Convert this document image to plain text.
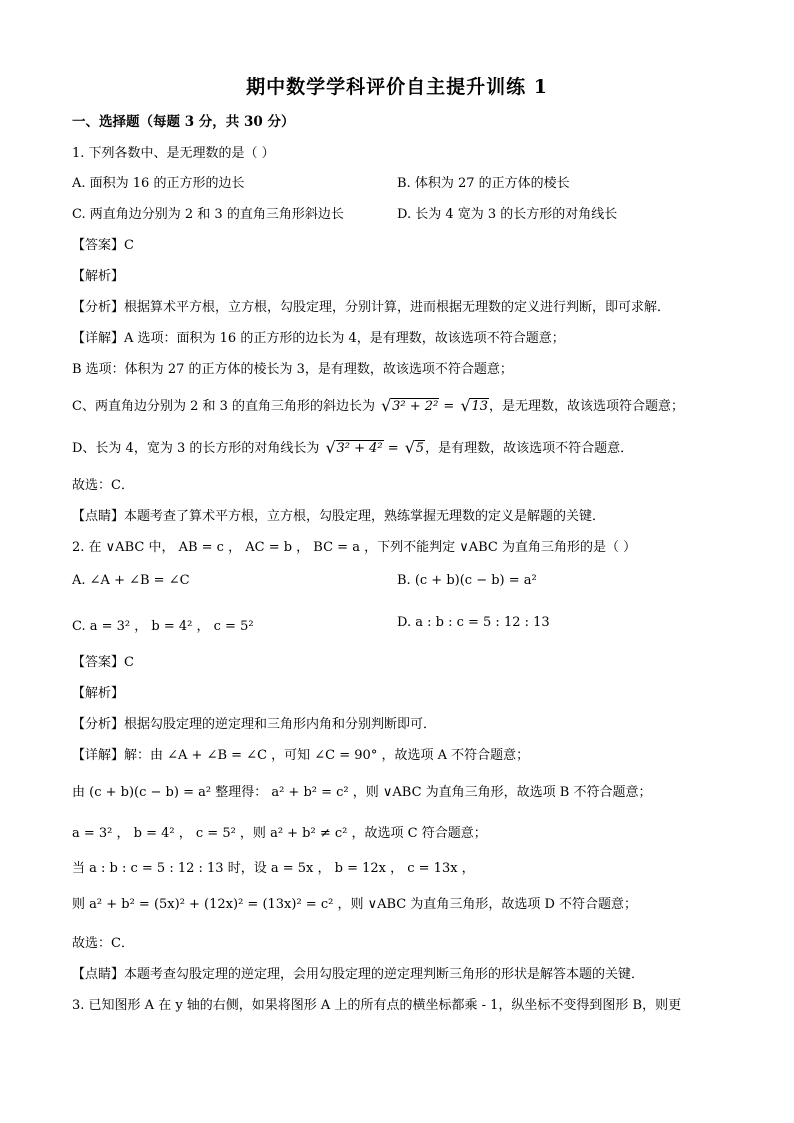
期中数学学科评价自主提升训练 1
一、选择题（每题 3 分，共 30 分）
1. 下列各数中、是无理数的是（ ）
A. 面积为 16 的正方形的边长	B. 体积为 27 的正方体的棱长
C. 两直角边分别为 2 和 3 的直角三角形斜边长	D. 长为 4 宽为 3 的长方形的对角线长
【答案】C
【解析】
【分析】根据算术平方根，立方根，勾股定理，分别计算，进而根据无理数的定义进行判断，即可求解．
【详解】A 选项：面积为 16 的正方形的边长为 4，是有理数，故该选项不符合题意；
B 选项：体积为 27 的正方体的棱长为 3，是有理数，故该选项不符合题意；
C、两直角边分别为 2 和 3 的直角三角形的斜边长为 √ 3² + 2² = √ 13，是无理数，故该选项符合题意；
D、长为 4，宽为 3 的长方形的对角线长为 √ 3² + 4² = √ 5，是有理数，故该选项不符合题意．
故选：C．
【点睛】本题考查了算术平方根，立方根，勾股定理，熟练掌握无理数的定义是解题的关键．
2. 在 ∨ABC 中， AB = c ， AC = b ， BC = a ，下列不能判定 ∨ABC 为直角三角形的是（ ）
A. ∠A + ∠B = ∠C	B. (c + b)(c − b) = a²
C. a = 3² ， b = 4² ， c = 5²	D. a : b : c = 5 : 12 : 13
【答案】C
【解析】
【分析】根据勾股定理的逆定理和三角形内角和分别判断即可．
【详解】解：由 ∠A + ∠B = ∠C ，可知 ∠C = 90° ，故选项 A 不符合题意；
由 (c + b)(c − b) = a² 整理得： a² + b² = c² ，则 ∨ABC 为直角三角形，故选项 B 不符合题意；
a = 3² ， b = 4² ， c = 5² ，则 a² + b² ≠ c² ，故选项 C 符合题意；
当 a : b : c = 5 : 12 : 13 时，设 a = 5x ， b = 12x ， c = 13x ，
则 a² + b² = (5x)² + (12x)² = (13x)² = c² ，则 ∨ABC 为直角三角形，故选项 D 不符合题意；
故选：C．
【点睛】本题考查勾股定理的逆定理，会用勾股定理的逆定理判断三角形的形状是解答本题的关键．
3. 已知图形 A 在 y 轴的右侧，如果将图形 A 上的所有点的横坐标都乘 - 1，纵坐标不变得到图形 B，则更
